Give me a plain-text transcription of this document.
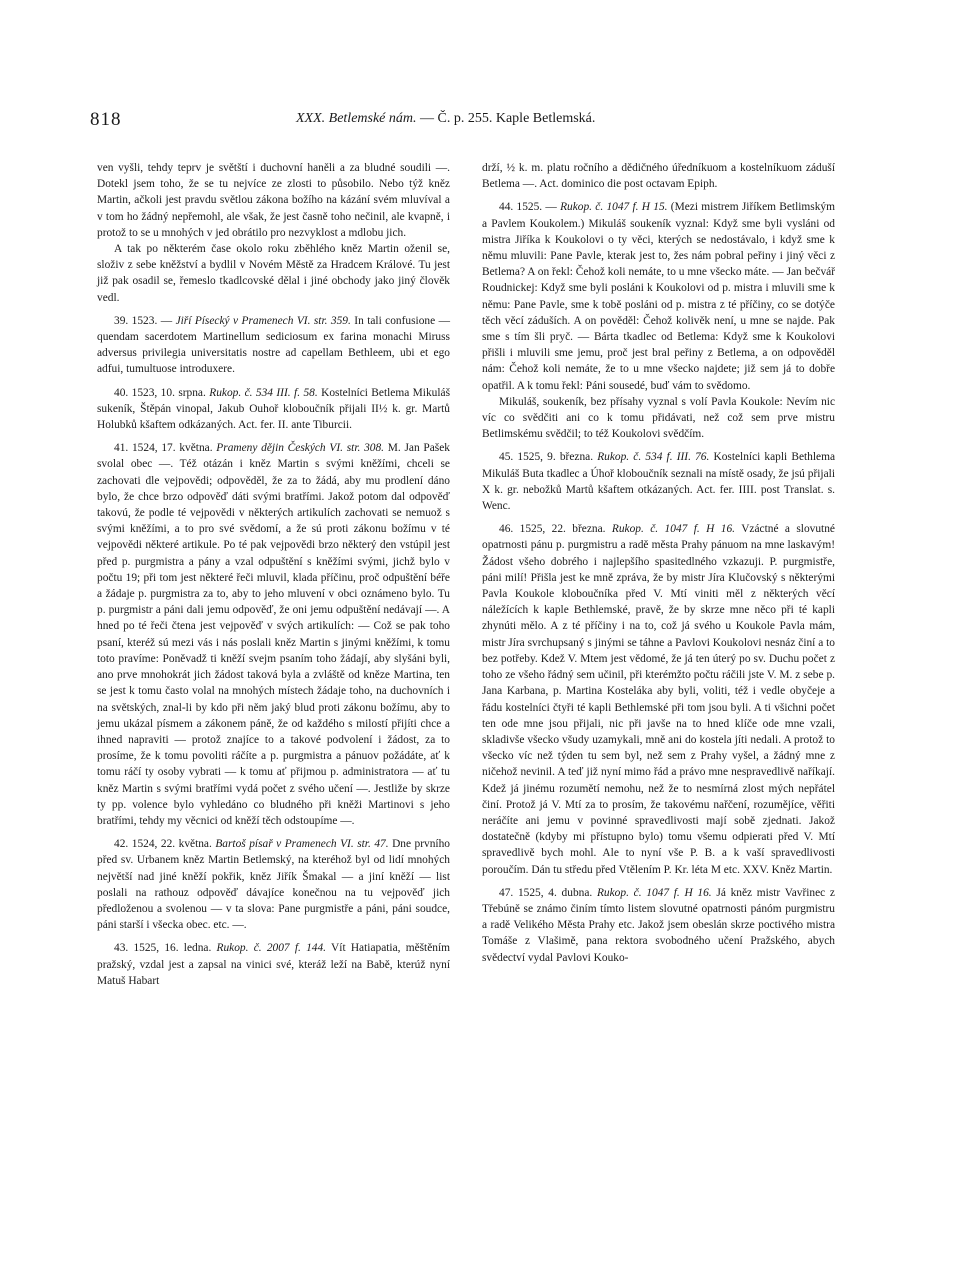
818	XXX. Betlemské nám. — Č. p. 255. Kaple Betlemská.

ven vyšli, tehdy teprv je světští i duchovní haněli a za bludné soudili —. Dotekl jsem toho, že se tu nejvíce ze zlosti to působilo. Nebo týž kněz Martin, ačkoli jest pravdu světlou zákona božího na kázání svém mluvíval a v tom ho žádný nepřemohl, ale však, že jest časně toho nečinil, ale kvapně, i protož to se u mnohých v jed obrátilo pro nezvyklost a mdlobu jich.

A tak po některém čase okolo roku zběhlého kněz Martin oženil se, složiv z sebe kněžství a bydlil v Novém Městě za Hradcem Králové. Tu jest již pak osadil se, řemeslo tkadlcovské dělal i jiné obchody jako jiný člověk vedl.

39. 1523. — Jiří Písecký v Pramenech VI. str. 359. In tali confusione — quendam sacerdotem Martinellum sediciosum ex farina monachi Miruss adversus privilegia universitatis nostre ad capellam Bethleem, ubi et ego adfui, tumultuose introduxere.

40. 1523, 10. srpna. Rukop. č. 534 III. f. 58. Kostelníci Betlema Mikuláš sukeník, Štěpán vinopal, Jakub Ouhoř kloboučník přijali II½ k. gr. Martů Holubků kšaftem odkázaných. Act. fer. II. ante Tiburcii.

41. 1524, 17. května. Prameny dějin Českých VI. str. 308. M. Jan Pašek svolal obec —. Též otázán i kněz Martin s svými kněžími, chceli se zachovati dle vejpovědi; odpověděl, že za to žádá, aby mu prodlení dáno bylo, že chce brzo odpověď dáti svými bratřími. Jakož potom dal odpověď takovú, že podle té vejpovědi v některých artikulích zachovati se nemuož s svými kněžími, a to pro své svědomí, a že sú proti zákonu božímu v té vejpovědi některé artikule. Po té pak vejpovědi brzo některý den vstúpil jest před p. purgmistra a pány a vzal odpuštění s kněžími svými, jichž bylo v počtu 19; při tom jest některé řeči mluvil, klada příčinu, proč odpuštění béře a žádaje p. purgmistra za to, aby to jeho mluvení v obci oznámeno bylo. Tu p. purgmistr a páni dali jemu odpověď, že oni jemu odpuštění nedávají —. A hned po té řeči čtena jest vejpověď v svých artikulích: — Což se pak toho psaní, kteréž sú mezi vás i nás poslali kněz Martin s jinými kněžími, k tomu toto pravíme: Poněvadž ti kněží svejm psaním toho žádají, aby slyšáni byli, ano prve mnohokrát jich žádost taková byla a zvláště od kněze Martina, ten se jest k tomu často volal na mnohých místech žádaje toho, na duchovních i na světských, znal-li by kdo při něm jaký blud proti zákonu božímu, aby to jemu ukázal písmem a zákonem páně, že od každého s milostí přijíti chce a ihned napraviti — protož znajíce to a takové podvolení i žádost, za to prosíme, že k tomu povoliti ráčíte a p. purgmistra a pánuov požádáte, ať k tomu ráčí ty osoby vybrati — k tomu ať přijmou p. administratora — ať tu kněz Martin s svými bratřími vydá počet z svého učení —. Jestliže by skrze ty pp. volence bylo vyhledáno co bludného při kněži Martinovi s jeho bratřími, tehdy my věcnici od kněží těch odstoupíme —.

42. 1524, 22. května. Bartoš písař v Pramenech VI. str. 47. Dne prvního před sv. Urbanem kněz Martin Betlemský, na kteréhož byl od lidí mnohých největší nad jiné kněží pokřik, kněz Jiřík Šmakal — a jiní kněží — list poslali na rathouz odpověď dávajíce konečnou na tu vejpověď jich předloženou a svolenou — v ta slova: Pane purgmistře a páni, páni soudce, páni starší i všecka obec. etc. —.

43. 1525, 16. ledna. Rukop. č. 2007 f. 144. Vít Hatiapatia, měštěním pražský, vzdal jest a zapsal na vinici své, kteráž leží na Babě, kterúž nyní Matuš Habart

drží, ½ k. m. platu ročního a dědičného úředníkuom a kostelníkuom záduší Betlema —. Act. dominico die post octavam Epiph.

44. 1525. — Rukop. č. 1047 f. H 15. (Mezi mistrem Jiříkem Betlimským a Pavlem Koukolem.) Mikuláš soukeník vyznal: Když sme byli vysláni od mistra Jiříka k Koukolovi o ty věci, kterých se nedostávalo, i když sme k němu mluvili: Pane Pavle, kterak jest to, žes nám pobral peřiny i jiný věci z Betlema? A on řekl: Čehož koli nemáte, to u mne všecko máte. — Jan bečvář Roudnickej: Když sme byli posláni k Koukolovi od p. mistra i mluvili sme k němu: Pane Pavle, sme k tobě posláni od p. mistra z té příčiny, co se dotýče těch věcí záduších. A on pověděl: Čehož kolivěk není, u mne se najde. Pak sme s tím šli pryč. — Bárta tkadlec od Betlema: Když sme k Koukolovi přišli i mluvili sme jemu, proč jest bral peřiny z Betlema, a on odpověděl nám: Čehož koli nemáte, že to u mne všecko najdete; již sem já to dobře opatřil. A k tomu řekl: Páni sousedé, buď vám to svědomo.

Mikuláš, soukeník, bez přísahy vyznal s volí Pavla Koukole: Nevím nic víc co svědčiti ani co k tomu přidávati, než což sem prve mistru Betlimskému svědčil; to též Koukolovi svědčím.

45. 1525, 9. března. Rukop. č. 534 f. III. 76. Kostelníci kapli Bethlema Mikuláš Buta tkadlec a Úhoř kloboučník seznali na místě osady, že jsú přijali X k. gr. nebožků Martů kšaftem otkázaných. Act. fer. IIII. post Translat. s. Wenc.

46. 1525, 22. března. Rukop. č. 1047 f. H 16. Vzáctné a slovutné opatrnosti pánu p. purgmistru a radě města Prahy pánuom na mne laskavým! Žádost všeho dobrého i najlepšího spasitedlného vzkazuji. P. purgmistře, páni milí! Přišla jest ke mně zpráva, že by mistr Jíra Klučovský s některými Pavla Koukole kloboučníka před V. Mtí viniti měl z některých věcí náležících k kaple Bethlemské, pravě, že by skrze mne něco při té kapli zhynúti mělo. A z té příčiny i na to, což já svého u Koukole Pavla mám, mistr Jíra svrchupsaný s jinými se táhne a Pavlovi Koukolovi nesnáz činí a to bez potřeby. Kdež V. Mtem jest vědomé, že já ten úterý po sv. Duchu počet z toho ze všeho řádný sem učinil, při kterémžto počtu ráčili jste V. M. z sebe p. Jana Karbana, p. Martina Kosteláka aby byli, voliti, též i vedle obyčeje a řádu kostelníci čtyři té kapli Bethlemské při tom jsou byli. A ti všichni počet ten ode mne jsou přijali, nic při javše na to hned klíče ode mne vzali, skladivše všecko všudy uzamykali, mně ani do kostela jíti nedali. A protož to všecko víc než týden tu sem byl, než sem z Prahy vyšel, a žádný mne z ničehož nevinil. A teď již nyní mimo řád a právo mne nespravedlivě naříkají. Kdež já jinému rozumětí nemohu, než že to nesmírná zlost mých nepřátel činí. Protož já V. Mtí za to prosím, že takovému nařčení, rozumějíce, věřiti neráčíte ani jemu v povinné spravedlivosti mají sobě zjednati. Jakož dostatečně (kdyby mi přístupno bylo) tomu všemu odpierati před V. Mtí spravedlivě bych mohl. Ale to nyní vše P. B. a k vaší spravedlivosti poroučím. Dán tu středu před Vtělením P. Kr. léta M etc. XXV. Kněz Martin.

47. 1525, 4. dubna. Rukop. č. 1047 f. H 16. Já kněz mistr Vavřinec z Třebúně se známo činím tímto listem slovutné opatrnosti pánóm purgmistru a radě Velikého Města Prahy etc. Jakož jsem obeslán skrze poctivého mistra Tomáše z Vlašimě, pana rektora svobodného učení Pražského, abych svědectví vydal Pavlovi Kouko-
